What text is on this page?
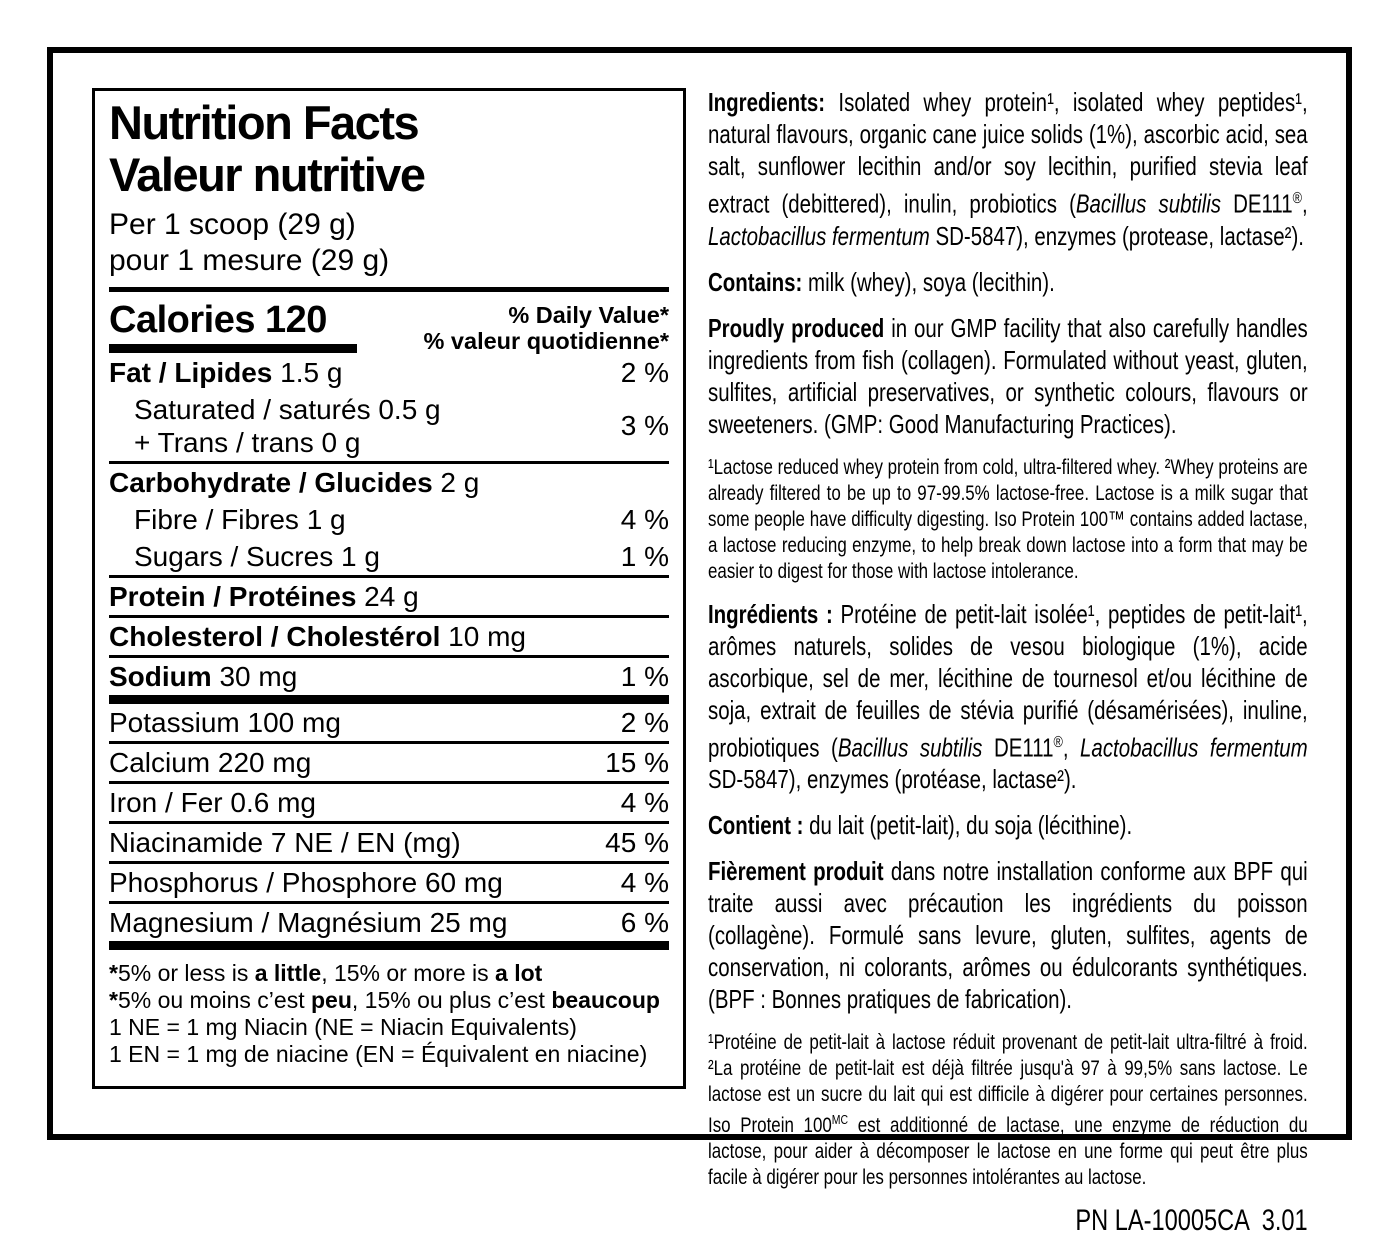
Nutrition Facts
Valeur nutritive
Per 1 scoop (29 g)
pour 1 mesure (29 g)
Calories 120	% Daily Value*
% valeur quotidienne*
Fat / Lipides 1.5 g	2 %
Saturated / saturés 0.5 g
+ Trans / trans 0 g
3 %
Carbohydrate / Glucides 2 g
Fibre / Fibres 1 g	4 %
Sugars / Sucres 1 g	1 %
Protein / Protéines 24 g
Cholesterol / Cholestérol 10 mg
Sodium 30 mg	1 %
Potassium 100 mg	2 %
Calcium 220 mg	15 %
Iron / Fer 0.6 mg	4 %
Niacinamide 7 NE / EN (mg)	45 %
Phosphorus / Phosphore 60 mg	4 %
Magnesium / Magnésium 25 mg	6 %
*5% or less is a little, 15% or more is a lot
*5% ou moins c’est peu, 15% ou plus c’est beaucoup
1 NE = 1 mg Niacin (NE = Niacin Equivalents)
1 EN = 1 mg de niacine (EN = Équivalent en niacine)
Ingredients: Isolated whey protein¹, isolated whey peptides¹, natural flavours, organic cane juice solids (1%), ascorbic acid, sea salt, sunflower lecithin and/or soy lecithin, purified stevia leaf extract (debittered), inulin, probiotics (Bacillus subtilis DE111®, Lactobacillus fermentum SD-5847), enzymes (protease, lactase²).
Contains: milk (whey), soya (lecithin).
Proudly produced in our GMP facility that also carefully handles ingredients from fish (collagen). Formulated without yeast, gluten, sulfites, artificial preservatives, or synthetic colours, flavours or sweeteners. (GMP: Good Manufacturing Practices).
¹Lactose reduced whey protein from cold, ultra-filtered whey. ²Whey proteins are already filtered to be up to 97-99.5% lactose-free. Lactose is a milk sugar that some people have difficulty digesting. Iso Protein 100™ contains added lactase, a lactose reducing enzyme, to help break down lactose into a form that may be easier to digest for those with lactose intolerance.
Ingrédients : Protéine de petit-lait isolée¹, peptides de petit-lait¹, arômes naturels, solides de vesou biologique (1%), acide ascorbique, sel de mer, lécithine de tournesol et/ou lécithine de soja, extrait de feuilles de stévia purifié (désamérisées), inuline, probiotiques (Bacillus subtilis DE111®, Lactobacillus fermentum SD-5847), enzymes (protéase, lactase²).
Contient : du lait (petit-lait), du soja (lécithine).
Fièrement produit dans notre installation conforme aux BPF qui traite aussi avec précaution les ingrédients du poisson (collagène). Formulé sans levure, gluten, sulfites, agents de conservation, ni colorants, arômes ou édulcorants synthétiques. (BPF : Bonnes pratiques de fabrication).
¹Protéine de petit-lait à lactose réduit provenant de petit-lait ultra-filtré à froid. ²La protéine de petit-lait est déjà filtrée jusqu'à 97 à 99,5% sans lactose. Le lactose est un sucre du lait qui est difficile à digérer pour certaines personnes. Iso Protein $100^{MC}$ est additionné de lactase, une enzyme de réduction du lactose, pour aider à décomposer le lactose en une forme qui peut être plus facile à digérer pour les personnes intolérantes au lactose.
PN LA-10005CA  3.01
